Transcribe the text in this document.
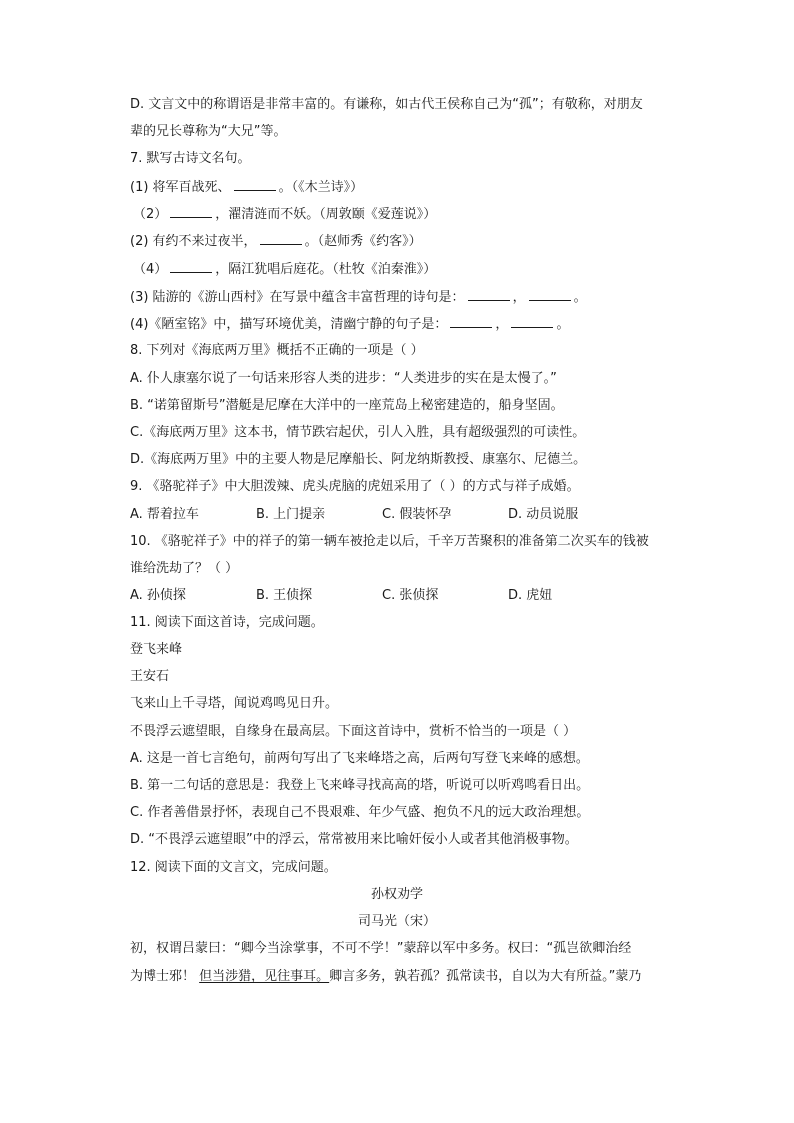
D. 文言文中的称谓语是非常丰富的。有谦称，如古代王侯称自己为“孤”；有敬称，对朋友
辈的兄长尊称为“大兄”等。
7. 默写古诗文名句。
(1) 将军百战死、	。（《木兰诗》）
（2）	，濯清涟而不妖。（周敦颐《爱莲说》）
(2) 有约不来过夜半，	。（赵师秀《约客》）
（4）	，隔江犹唱后庭花。（杜牧《泊秦淮》）
(3) 陆游的《游山西村》在写景中蕴含丰富哲理的诗句是：	，	。
(4)《陋室铭》中，描写环境优美，清幽宁静的句子是：	，	。
8. 下列对《海底两万里》概括不正确的一项是（ ）
A. 仆人康塞尔说了一句话来形容人类的进步：“人类进步的实在是太慢了。”
B. “诺第留斯号”潜艇是尼摩在大洋中的一座荒岛上秘密建造的，船身坚固。
C.《海底两万里》这本书，情节跌宕起伏，引人入胜，具有超级强烈的可读性。
D.《海底两万里》中的主要人物是尼摩船长、阿龙纳斯教授、康塞尔、尼德兰。
9. 《骆驼祥子》中大胆泼辣、虎头虎脑的虎妞采用了（ ）的方式与祥子成婚。
A. 帮着拉车	B. 上门提亲	C. 假装怀孕	D. 动员说服
10. 《骆驼祥子》中的祥子的第一辆车被抢走以后，千辛万苦聚积的准备第二次买车的钱被
谁给洗劫了？（ ）
A. 孙侦探	B. 王侦探	C. 张侦探	D. 虎妞
11. 阅读下面这首诗，完成问题。
登飞来峰
王安石
飞来山上千寻塔，闻说鸡鸣见日升。
不畏浮云遮望眼，自缘身在最高层。下面这首诗中，赏析不恰当的一项是（ ）
A. 这是一首七言绝句，前两句写出了飞来峰塔之高，后两句写登飞来峰的感想。
B. 第一二句话的意思是：我登上飞来峰寻找高高的塔，听说可以听鸡鸣看日出。
C. 作者善借景抒怀，表现自己不畏艰难、年少气盛、抱负不凡的远大政治理想。
D. “不畏浮云遮望眼”中的浮云，常常被用来比喻奸佞小人或者其他消极事物。
12. 阅读下面的文言文，完成问题。
孙权劝学
司马光（宋）
初，权谓吕蒙曰：“卿今当涂掌事，不可不学！”蒙辞以军中多务。权曰：“孤岂欲卿治经
为博士邪！ 但当涉猎，见往事耳。卿言多务，孰若孤？孤常读书，自以为大有所益。”蒙乃
